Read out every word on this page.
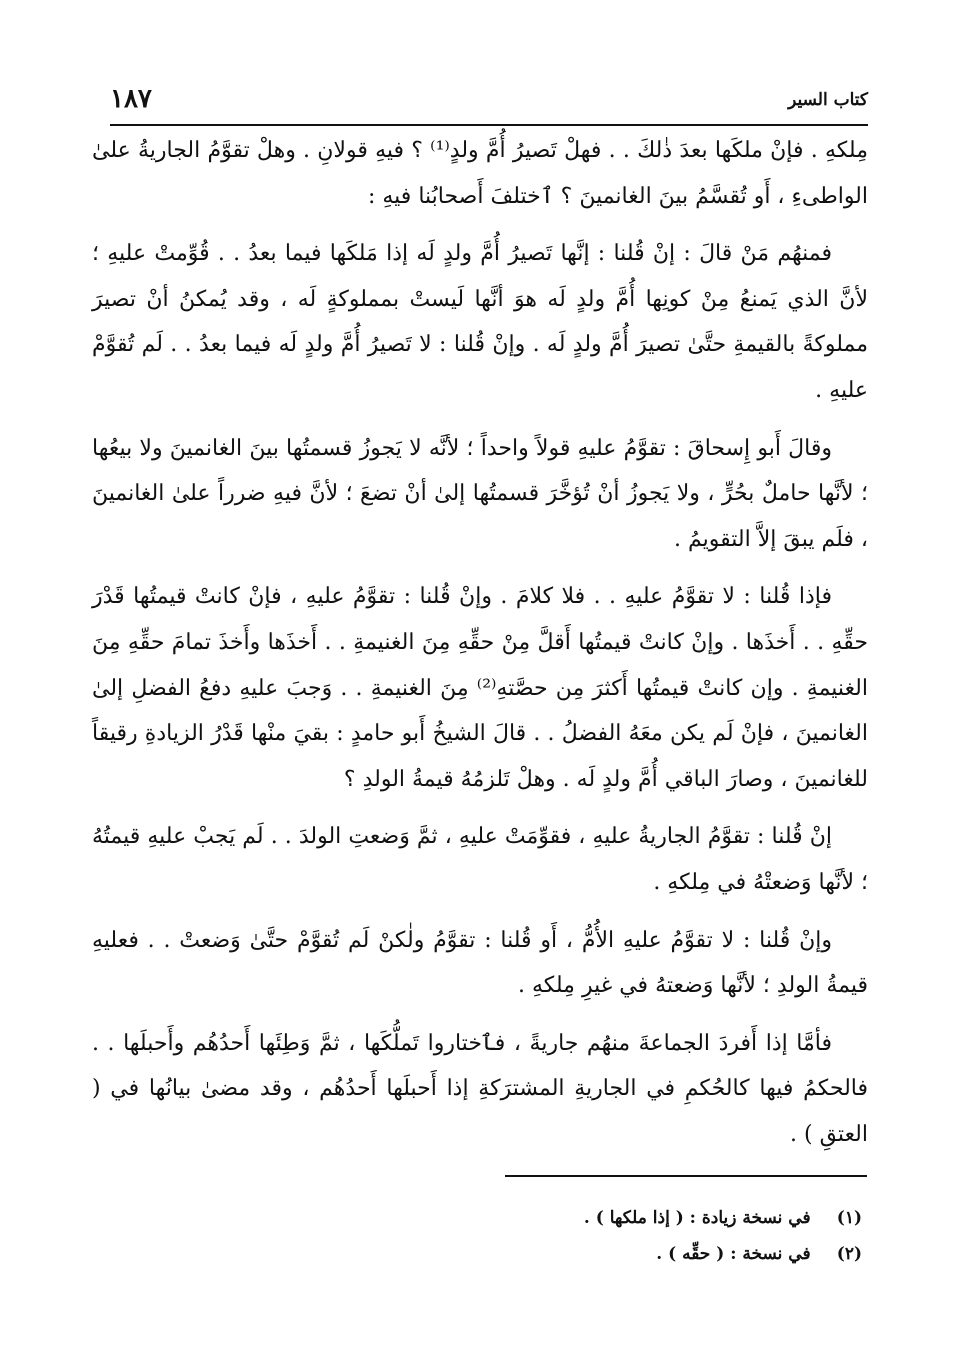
كتاب السير
١٨٧

مِلكهِ . فإنْ ملكَها بعدَ ذٰلكَ . . فهلْ تَصيرُ أُمَّ ولدٍ⁽¹⁾ ؟ فيهِ قولانِ . وهلْ تقوَّمُ الجاريةُ علىٰ الواطىءِ ، أَو تُقسَّمُ بينَ الغانمينَ ؟ ٱختلفَ أَصحابُنا فيهِ :

فمنهُم مَنْ قالَ : إنْ قُلنا : إنَّها تَصيرُ أُمَّ ولدٍ لَه إذا مَلكَها فيما بعدُ . . قُوِّمتْ عليهِ ؛ لأنَّ الذي يَمنعُ مِنْ كونِها أُمَّ ولدٍ لَه هوَ أنَّها لَيستْ بمملوكةٍ لَه ، وقد يُمكنُ أنْ تصيرَ مملوكةً بالقيمةِ حتَّىٰ تصيرَ أُمَّ ولدٍ لَه . وإنْ قُلنا : لا تَصيرُ أُمَّ ولدٍ لَه فيما بعدُ . . لَم تُقوَّمْ عليهِ .

وقالَ أَبو إِسحاقَ : تقوَّمُ عليهِ قولاً واحداً ؛ لأنَّه لا يَجوزُ قسمتُها بينَ الغانمينَ ولا بيعُها ؛ لأنَّها حاملٌ بحُرٍّ ، ولا يَجوزُ أنْ تُؤخَّرَ قسمتُها إلىٰ أنْ تضعَ ؛ لأنَّ فيهِ ضرراً علىٰ الغانمينَ ، فلَم يبقَ إلاَّ التقويمُ .

فإذا قُلنا : لا تقوَّمُ عليهِ . . فلا كلامَ . وإنْ قُلنا : تقوَّمُ عليهِ ، فإنْ كانتْ قيمتُها قَدْرَ حقِّهِ . . أَخذَها . وإنْ كانتْ قيمتُها أَقلَّ مِنْ حقِّهِ مِنَ الغنيمةِ . . أَخذَها وأَخذَ تمامَ حقِّهِ مِنَ الغنيمةِ . وإن كانتْ قيمتُها أَكثرَ مِن حصَّتهِ⁽²⁾ مِنَ الغنيمةِ . . وَجبَ عليهِ دفعُ الفضلِ إلىٰ الغانمينَ ، فإنْ لَم يكن معَهُ الفضلُ . . قالَ الشيخُ أَبو حامدٍ : بقيَ منْها قَدْرُ الزيادةِ رقيقاً للغانمينَ ، وصارَ الباقي أُمَّ ولدٍ لَه . وهلْ تَلزمُهُ قيمةُ الولدِ ؟

إنْ قُلنا : تقوَّمُ الجاريةُ عليهِ ، فقوِّمَتْ عليهِ ، ثمَّ وَضعتِ الولدَ . . لَم يَجبْ عليهِ قيمتُهُ ؛ لأنَّها وَضعتْهُ في مِلكهِ .

وإنْ قُلنا : لا تقوَّمُ عليهِ الأُمُّ ، أَو قُلنا : تقوَّمُ ولٰكنْ لَم تُقوَّمْ حتَّىٰ وَضعتْ . . فعليهِ قيمةُ الولدِ ؛ لأنَّها وَضعتهُ في غيرِ مِلكهِ .

فأمَّا إذا أَفردَ الجماعةَ منهُم جاريةً ، فٱختاروا تَملُّكَها ، ثمَّ وَطِئَها أَحدُهُم وأَحبلَها . . فالحكمُ فيها كالحُكمِ في الجاريةِ المشترَكةِ إذا أَحبلَها أَحدُهُم ، وقد مضىٰ بيانُها في ( العتقِ ) .

(١) في نسخة زيادة : ( إذا ملكها ) .
(٢) في نسخة : ( حقِّه ) .
